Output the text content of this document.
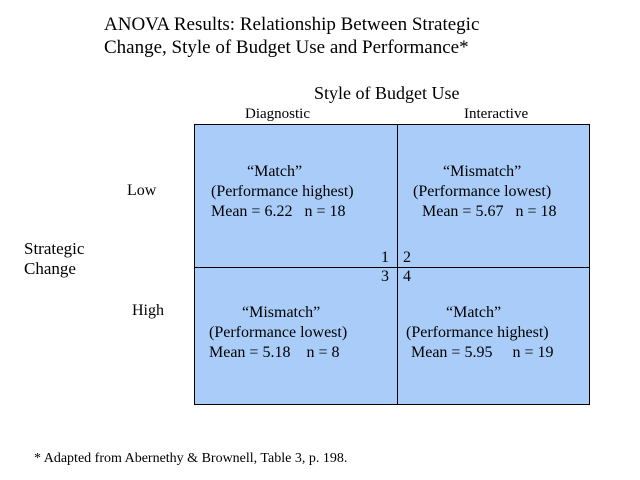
ANOVA Results: Relationship Between Strategic
Change, Style of Budget Use and Performance*
Style of Budget Use
Diagnostic	Interactive
Strategic
Change
Low
High
“Match”
(Performance highest)
Mean = 6.22 n = 18
“Mismatch”
(Performance lowest)
Mean = 5.67 n = 18
“Mismatch”
(Performance lowest)
Mean = 5.18 n = 8
“Match”
(Performance highest)
Mean = 5.95 n = 19
1 2
3 4
* Adapted from Abernethy & Brownell, Table 3, p. 198.
